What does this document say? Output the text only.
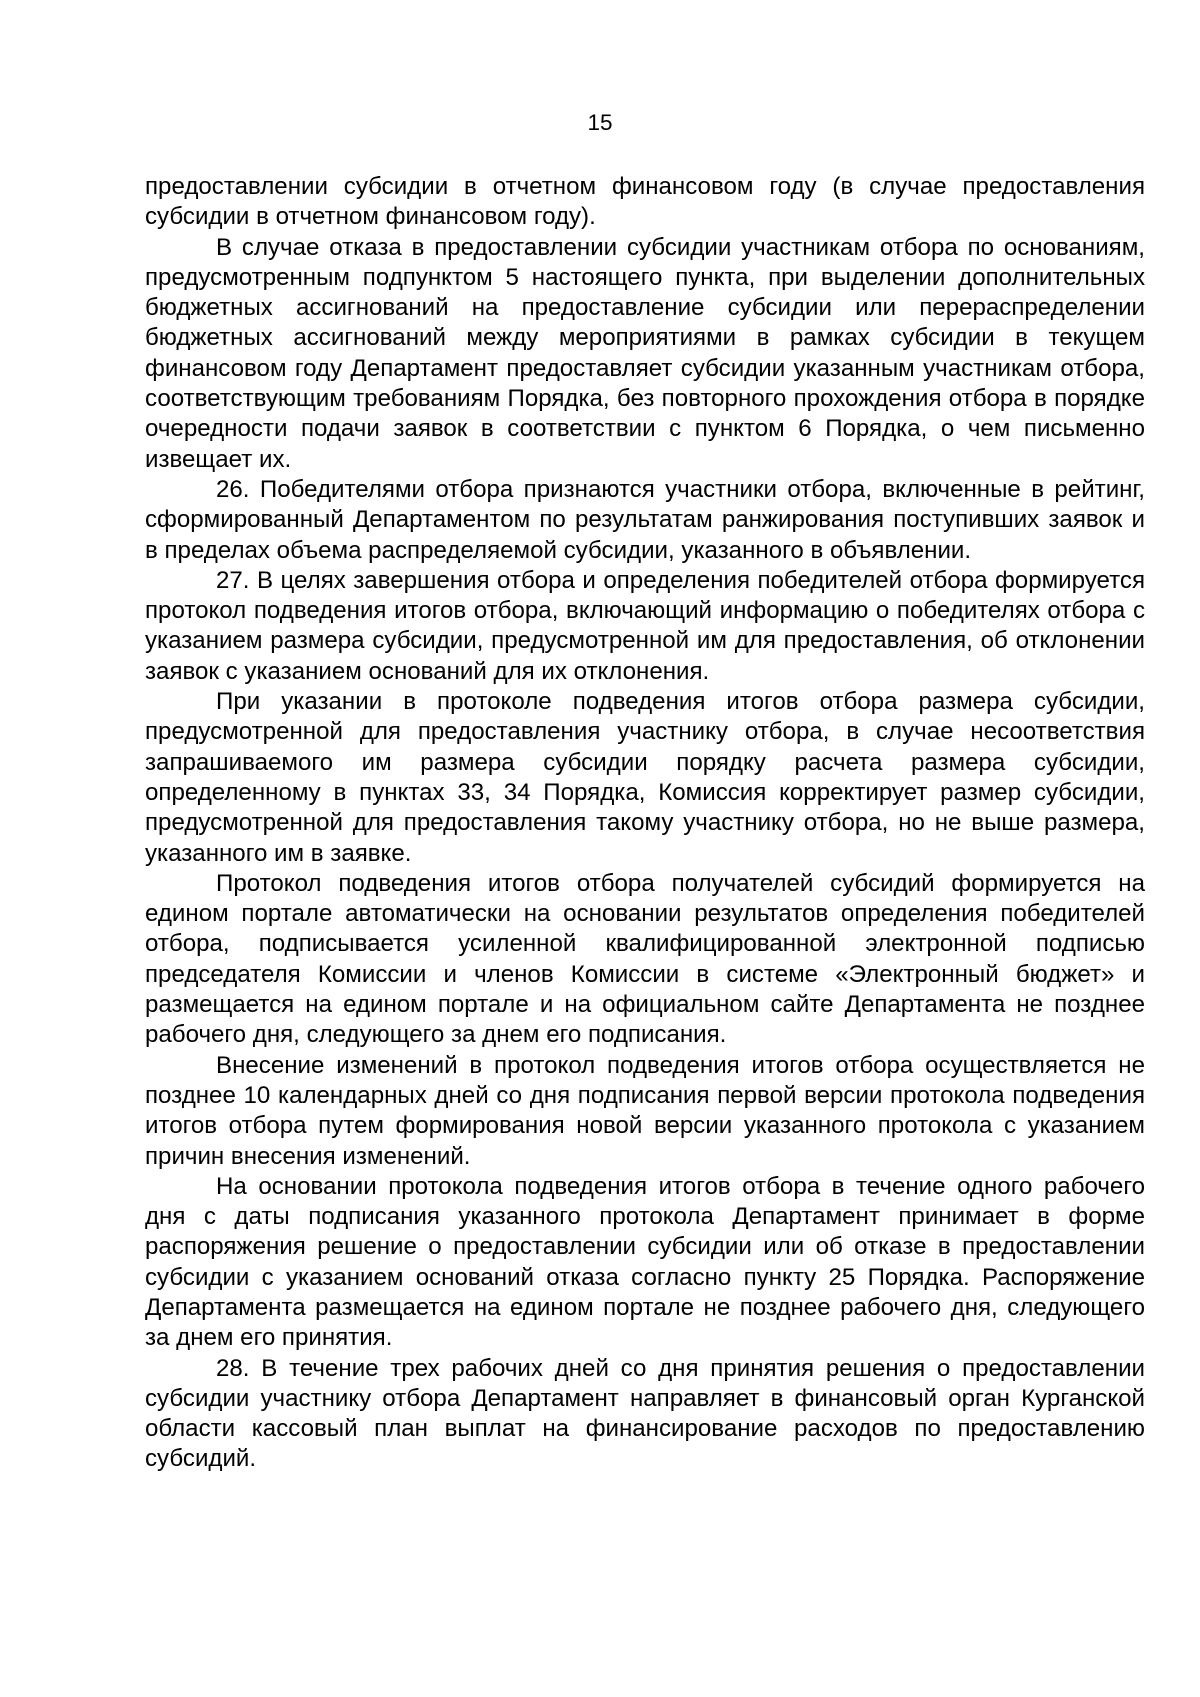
15

предоставлении субсидии в отчетном финансовом году (в случае предоставления субсидии в отчетном финансовом году).

В случае отказа в предоставлении субсидии участникам отбора по основаниям, предусмотренным подпунктом 5 настоящего пункта, при выделении дополнительных бюджетных ассигнований на предоставление субсидии или перераспределении бюджетных ассигнований между мероприятиями в рамках субсидии в текущем финансовом году Департамент предоставляет субсидии указанным участникам отбора, соответствующим требованиям Порядка, без повторного прохождения отбора в порядке очередности подачи заявок в соответствии с пунктом 6 Порядка, о чем письменно извещает их.

26. Победителями отбора признаются участники отбора, включенные в рейтинг, сформированный Департаментом по результатам ранжирования поступивших заявок и в пределах объема распределяемой субсидии, указанного в объявлении.

27. В целях завершения отбора и определения победителей отбора формируется протокол подведения итогов отбора, включающий информацию о победителях отбора с указанием размера субсидии, предусмотренной им для предоставления, об отклонении заявок с указанием оснований для их отклонения.

При указании в протоколе подведения итогов отбора размера субсидии, предусмотренной для предоставления участнику отбора, в случае несоответствия запрашиваемого им размера субсидии порядку расчета размера субсидии, определенному в пунктах 33, 34 Порядка, Комиссия корректирует размер субсидии, предусмотренной для предоставления такому участнику отбора, но не выше размера, указанного им в заявке.

Протокол подведения итогов отбора получателей субсидий формируется на едином портале автоматически на основании результатов определения победителей отбора, подписывается усиленной квалифицированной электронной подписью председателя Комиссии и членов Комиссии в системе «Электронный бюджет» и размещается на едином портале и на официальном сайте Департамента не позднее рабочего дня, следующего за днем его подписания.

Внесение изменений в протокол подведения итогов отбора осуществляется не позднее 10 календарных дней со дня подписания первой версии протокола подведения итогов отбора путем формирования новой версии указанного протокола с указанием причин внесения изменений.

На основании протокола подведения итогов отбора в течение одного рабочего дня с даты подписания указанного протокола Департамент принимает в форме распоряжения решение о предоставлении субсидии или об отказе в предоставлении субсидии с указанием оснований отказа согласно пункту 25 Порядка. Распоряжение Департамента размещается на едином портале не позднее рабочего дня, следующего за днем его принятия.

28. В течение трех рабочих дней со дня принятия решения о предоставлении субсидии участнику отбора Департамент направляет в финансовый орган Курганской области кассовый план выплат на финансирование расходов по предоставлению субсидий.
